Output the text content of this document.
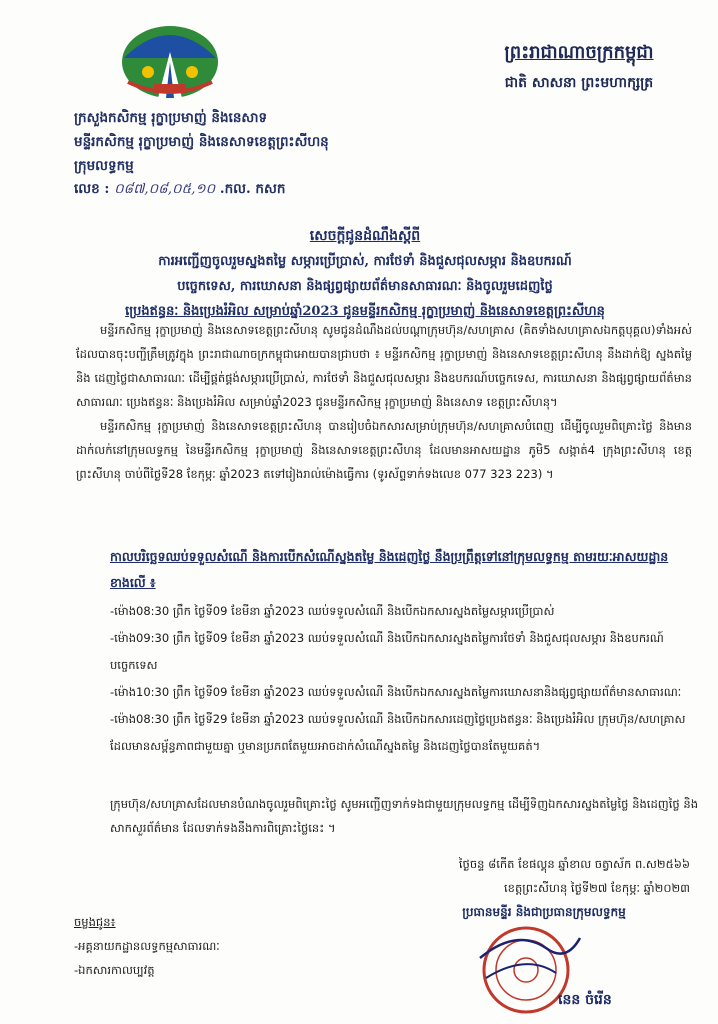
ព្រះរាជាណាចក្រកម្ពុជា
ជាតិ សាសនា ព្រះមហាក្សត្រ
ក្រសួងកសិកម្ម រុក្ខាប្រមាញ់ និងនេសាទ
មន្ទីរកសិកម្ម រុក្ខាប្រមាញ់ និងនេសាទខេត្តព្រះសីហនុ
ក្រុមលទ្ធកម្ម
លេខ : ០៨៧,០៨,០៥,១០ .កល. កសក
សេចក្តីជូនដំណឹងស្តីពី
ការអញ្ជើញចូលរួមស្នងតម្លៃ សម្ភារប្រើប្រាស់, ការថែទាំ និងជួសជុលសម្ភារ និងឧបករណ៍
បច្ចេកទេស, ការឃោសនា និងផ្សព្វផ្សាយព័ត៌មានសាធារណៈ និងចូលរួមដេញថ្លៃ
ប្រេងឥន្ធនៈ និងប្រេងរំអិល សម្រាប់ឆ្នាំ2023 ជូនមន្ទីរកសិកម្ម រុក្ខាប្រមាញ់ និងនេសាទខេត្តព្រះសីហនុ

មន្ទីរកសិកម្ម រុក្ខាប្រមាញ់ និងនេសាទខេត្តព្រះសីហនុ សូមជូនដំណឹងដល់បណ្តាក្រុមហ៊ុន/សហគ្រាស (គិតទាំងសហគ្រាសឯកត្តបុគ្គល)ទាំងអស់ដែលបានចុះបញ្ជីត្រឹមត្រូវក្នុង ព្រះរាជាណាចក្រកម្ពុជាអោយបានជ្រាបថា ៖ មន្ទីរកសិកម្ម រុក្ខាប្រមាញ់ និងនេសាទខេត្តព្រះសីហនុ នឹងដាក់ឱ្យ ស្នងតម្លៃ និង ដេញថ្លៃជាសាធារណៈ ដើម្បីផ្គត់ផ្គង់សម្ភារប្រើប្រាស់, ការថែទាំ និងជួសជុលសម្ភារ និងឧបករណ៍បច្ចេកទេស, ការឃោសនា និងផ្សព្វផ្សាយព័ត៌មានសាធារណៈ ប្រេងឥន្ធនៈ និងប្រេងរំអិល សម្រាប់ឆ្នាំ2023 ជូនមន្ទីរកសិកម្ម រុក្ខាប្រមាញ់ និងនេសាទ ខេត្តព្រះសីហនុ។

មន្ទីរកសិកម្ម រុក្ខាប្រមាញ់ និងនេសាទខេត្តព្រះសីហនុ បានរៀបចំឯកសារសម្រាប់ក្រុមហ៊ុន/សហគ្រាសបំពេញ ដើម្បីចូលរួមពិគ្រោះថ្លៃ និងមានដាក់លក់នៅក្រុមលទ្ធកម្ម នៃមន្ទីរកសិកម្ម រុក្ខាប្រមាញ់ និងនេសាទខេត្តព្រះសីហនុ ដែលមានអាសយដ្ឋាន ភូមិ5 សង្កាត់4 ក្រុងព្រះសីហនុ ខេត្តព្រះសីហនុ ចាប់ពីថ្ងៃទី28 ខែកុម្ភៈ ឆ្នាំ2023 តទៅរៀងរាល់ម៉ោងធ្វើការ (ទូរស័ព្ទទាក់ទងលេខ 077 323 223) ។

កាលបរិច្ឆេទឈប់ទទួលសំណើ និងការបើកសំណើស្នងតម្លៃ និងដេញថ្លៃ នឹងប្រព្រឹត្តទៅនៅក្រុមលទ្ធកម្ម តាមរយៈអាសយដ្ឋានខាងលើ ៖
-ម៉ោង08:30 ព្រឹក ថ្ងៃទី09 ខែមីនា ឆ្នាំ2023 ឈប់ទទួលសំណើ និងបើកឯកសារស្នងតម្លៃសម្ភារប្រើប្រាស់
-ម៉ោង09:30 ព្រឹក ថ្ងៃទី09 ខែមីនា ឆ្នាំ2023 ឈប់ទទួលសំណើ និងបើកឯកសារស្នងតម្លៃការថែទាំ និងជួសជុលសម្ភារ និងឧបករណ៍បច្ចេកទេស
-ម៉ោង10:30 ព្រឹក ថ្ងៃទី09 ខែមីនា ឆ្នាំ2023 ឈប់ទទួលសំណើ និងបើកឯកសារស្នងតម្លៃការឃោសនានិងផ្សព្វផ្សាយព័ត៌មានសាធារណៈ
-ម៉ោង08:30 ព្រឹក ថ្ងៃទី29 ខែមីនា ឆ្នាំ2023 ឈប់ទទួលសំណើ និងបើកឯកសារដេញថ្លៃប្រេងឥន្ធនៈ និងប្រេងរំអិល ក្រុមហ៊ុន/សហគ្រាសដែលមានសម្ព័ន្ធភាពជាមួយគ្នា ឬមានប្រភពតែមួយអាចដាក់សំណើស្នងតម្លៃ និងដេញថ្លៃបានតែមួយគត់។
ក្រុមហ៊ុន/សហគ្រាសដែលមានបំណងចូលរួមពិគ្រោះថ្លៃ សូមអញ្ជើញទាក់ទងជាមួយក្រុមលទ្ធកម្ម ដើម្បីទិញឯកសារស្នងតម្លៃថ្លៃ និងដេញថ្លៃ និងសាកសួរព័ត៌មាន ដែលទាក់ទងនឹងការពិគ្រោះថ្លៃនេះ ។
ថ្ងៃចន្ទ ៨កើត ខែផល្គុន ឆ្នាំខាល ចត្វាស័ក ព.ស២៥៦៦
ខេត្តព្រះសីហនុ ថ្ងៃទី២៧ ខែកុម្ភៈ ឆ្នាំ២០២៣
ប្រធានមន្ទីរ និងជាប្រធានក្រុមលទ្ធកម្ម
ចម្លងជូន៖
-អគ្គនាយកដ្ឋានលទ្ធកម្មសាធារណៈ
-ឯកសារកាលប្បវត្ត
នេន ចំរើន
